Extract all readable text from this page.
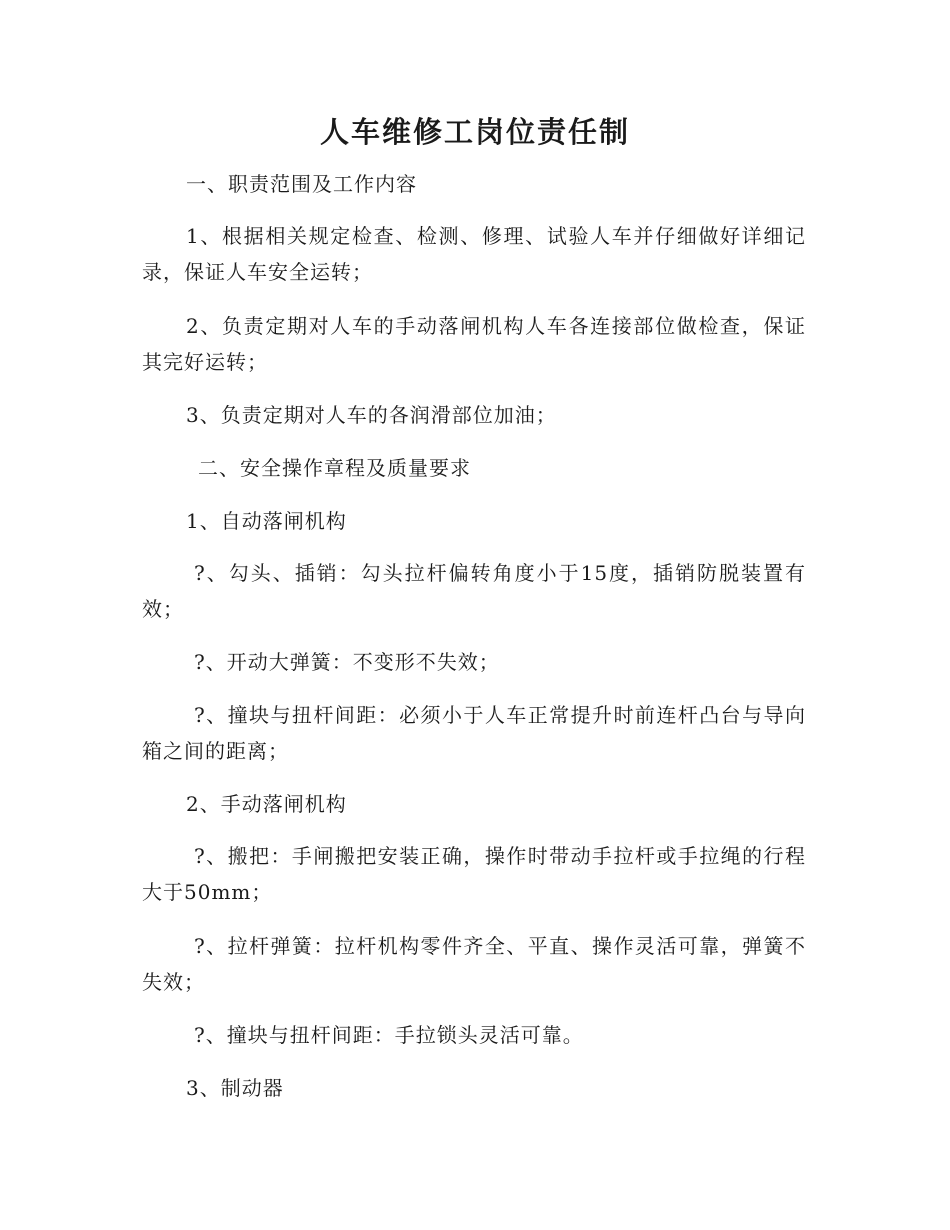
人车维修工岗位责任制

一、职责范围及工作内容

1、根据相关规定检查、检测、修理、试验人车并仔细做好详细记录，保证人车安全运转；

2、负责定期对人车的手动落闸机构人车各连接部位做检查，保证其完好运转；

3、负责定期对人车的各润滑部位加油；

二、安全操作章程及质量要求

1、自动落闸机构

?、勾头、插销：勾头拉杆偏转角度小于15度，插销防脱装置有效；

?、开动大弹簧：不变形不失效；

?、撞块与扭杆间距：必须小于人车正常提升时前连杆凸台与导向箱之间的距离；

2、手动落闸机构

?、搬把：手闸搬把安装正确，操作时带动手拉杆或手拉绳的行程大于50mm；

?、拉杆弹簧：拉杆机构零件齐全、平直、操作灵活可靠，弹簧不失效；

?、撞块与扭杆间距：手拉锁头灵活可靠。

3、制动器
